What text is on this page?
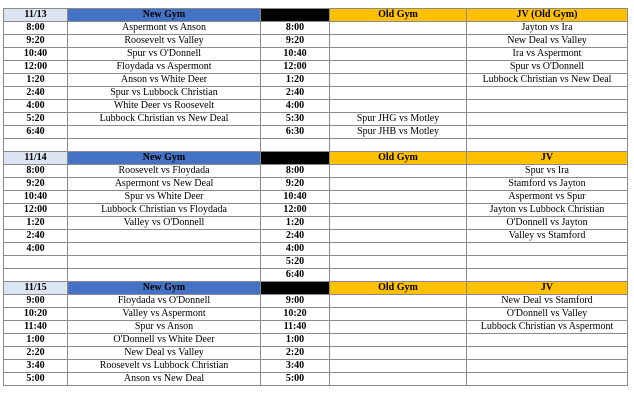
11/13	New Gym		Old Gym	JV (Old Gym)
8:00	Aspermont vs Anson	8:00		Jayton vs Ira
9:20	Roosevelt vs Valley	9:20		New Deal vs Valley
10:40	Spur vs O'Donnell	10:40		Ira vs Aspermont
12:00	Floydada vs Aspermont	12:00		Spur vs O'Donnell
1:20	Anson vs White Deer	1:20		Lubbock Christian vs New Deal
2:40	Spur vs Lubbock Christian	2:40		
4:00	White Deer vs Roosevelt	4:00		
5:20	Lubbock Christian vs New Deal	5:30	Spur JHG vs Motley	
6:40		6:30	Spur JHB vs Motley	

11/14	New Gym		Old Gym	JV
8:00	Roosevelt vs Floydada	8:00		Spur vs Ira
9:20	Aspermont vs New Deal	9:20		Stamford vs Jayton
10:40	Spur vs White Deer	10:40		Aspermont vs Spur
12:00	Lubbock Christian vs Floydada	12:00		Jayton vs Lubbock Christian
1:20	Valley vs O'Donnell	1:20		O'Donnell vs Jayton
2:40		2:40		Valley vs Stamford
4:00		4:00		
		5:20		
		6:40		
11/15	New Gym		Old Gym	JV
9:00	Floydada vs O'Donnell	9:00		New Deal vs Stamford
10:20	Valley vs Aspermont	10:20		O'Donnell vs Valley
11:40	Spur vs Anson	11:40		Lubbock Christian vs Aspermont
1:00	O'Donnell vs White Deer	1:00		
2:20	New Deal vs Valley	2:20		
3:40	Roosevelt vs Lubbock Christian	3:40		
5:00	Anson vs New Deal	5:00		
